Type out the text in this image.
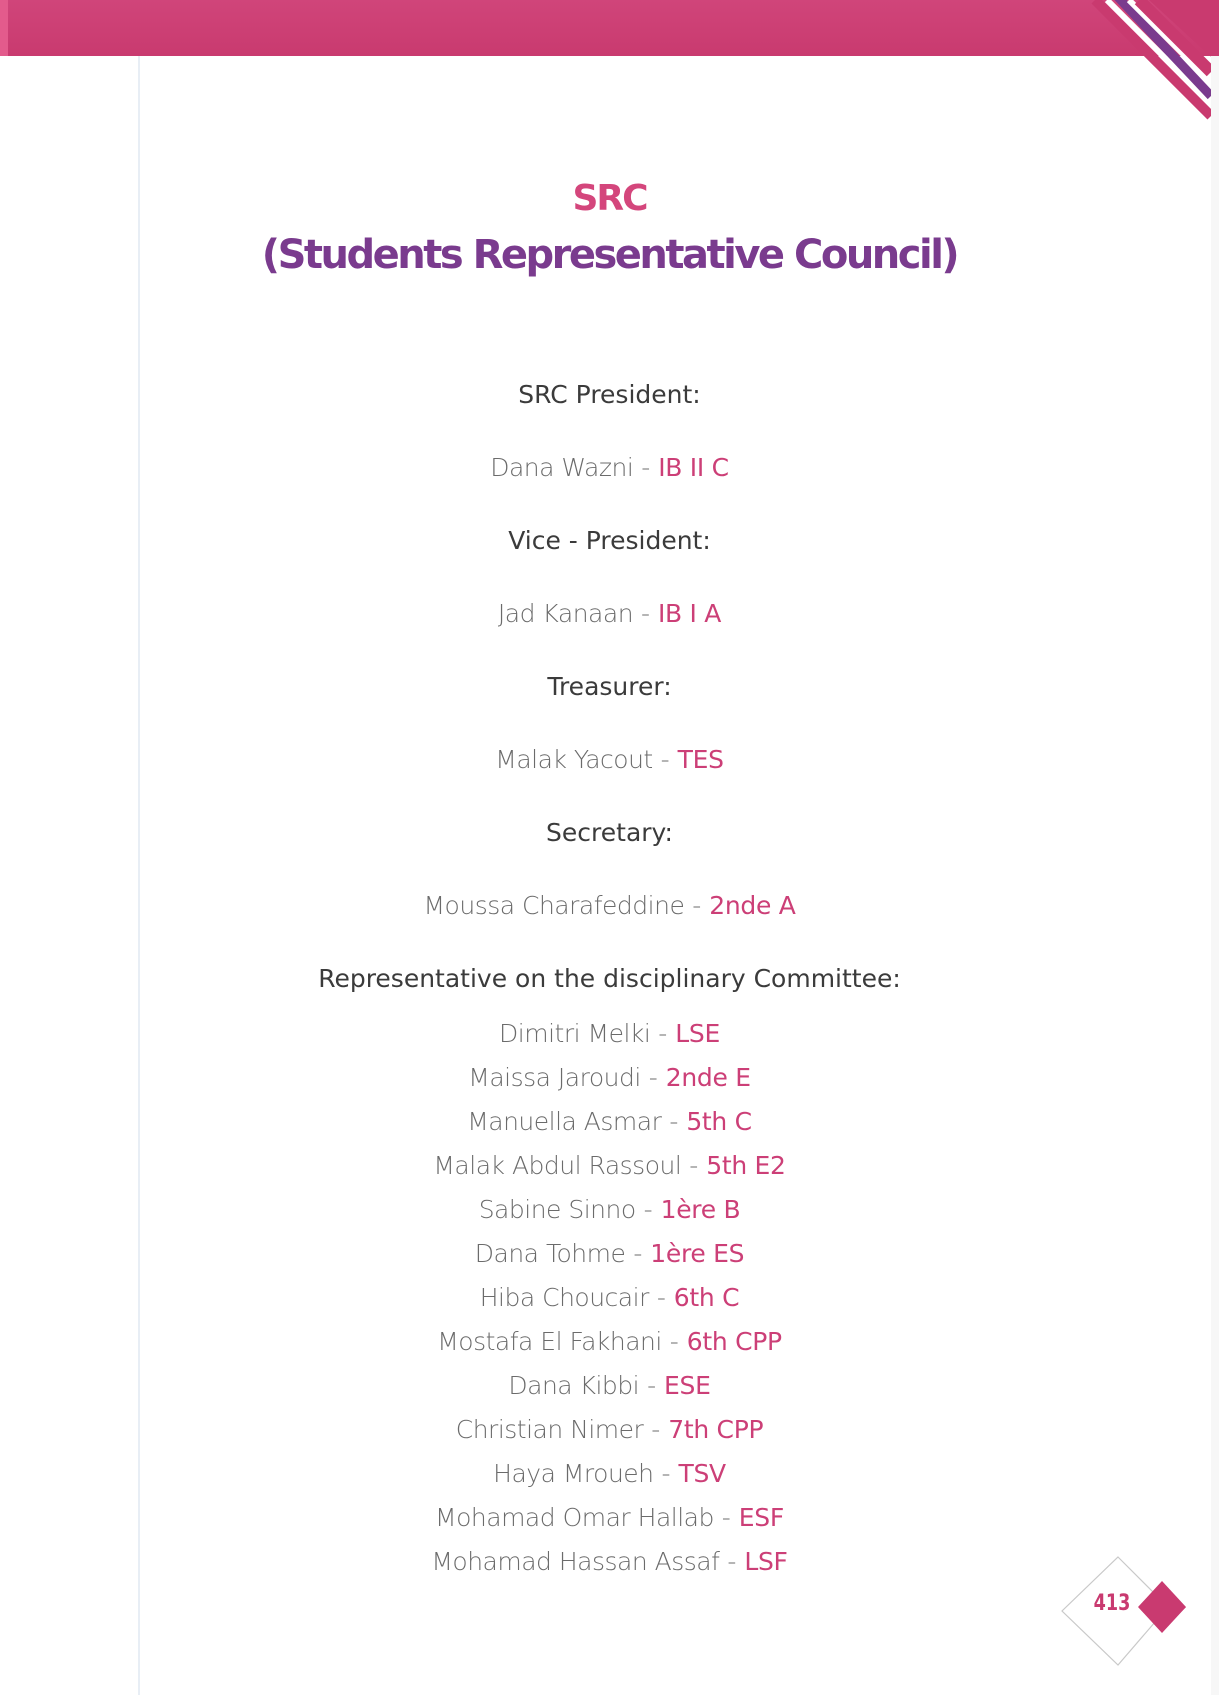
SRC
(Students Representative Council)
SRC President:
Dana Wazni - IB II C
Vice - President:
Jad Kanaan - IB I A
Treasurer:
Malak Yacout - TES
Secretary:
Moussa Charafeddine - 2nde A
Representative on the disciplinary Committee:
Dimitri Melki - LSE
Maissa Jaroudi - 2nde E
Manuella Asmar - 5th C
Malak Abdul Rassoul - 5th E2
Sabine Sinno - 1ère B
Dana Tohme - 1ère ES
Hiba Choucair - 6th C
Mostafa El Fakhani - 6th CPP
Dana Kibbi - ESE
Christian Nimer - 7th CPP
Haya Mroueh - TSV
Mohamad Omar Hallab - ESF
Mohamad Hassan Assaf - LSF
413
